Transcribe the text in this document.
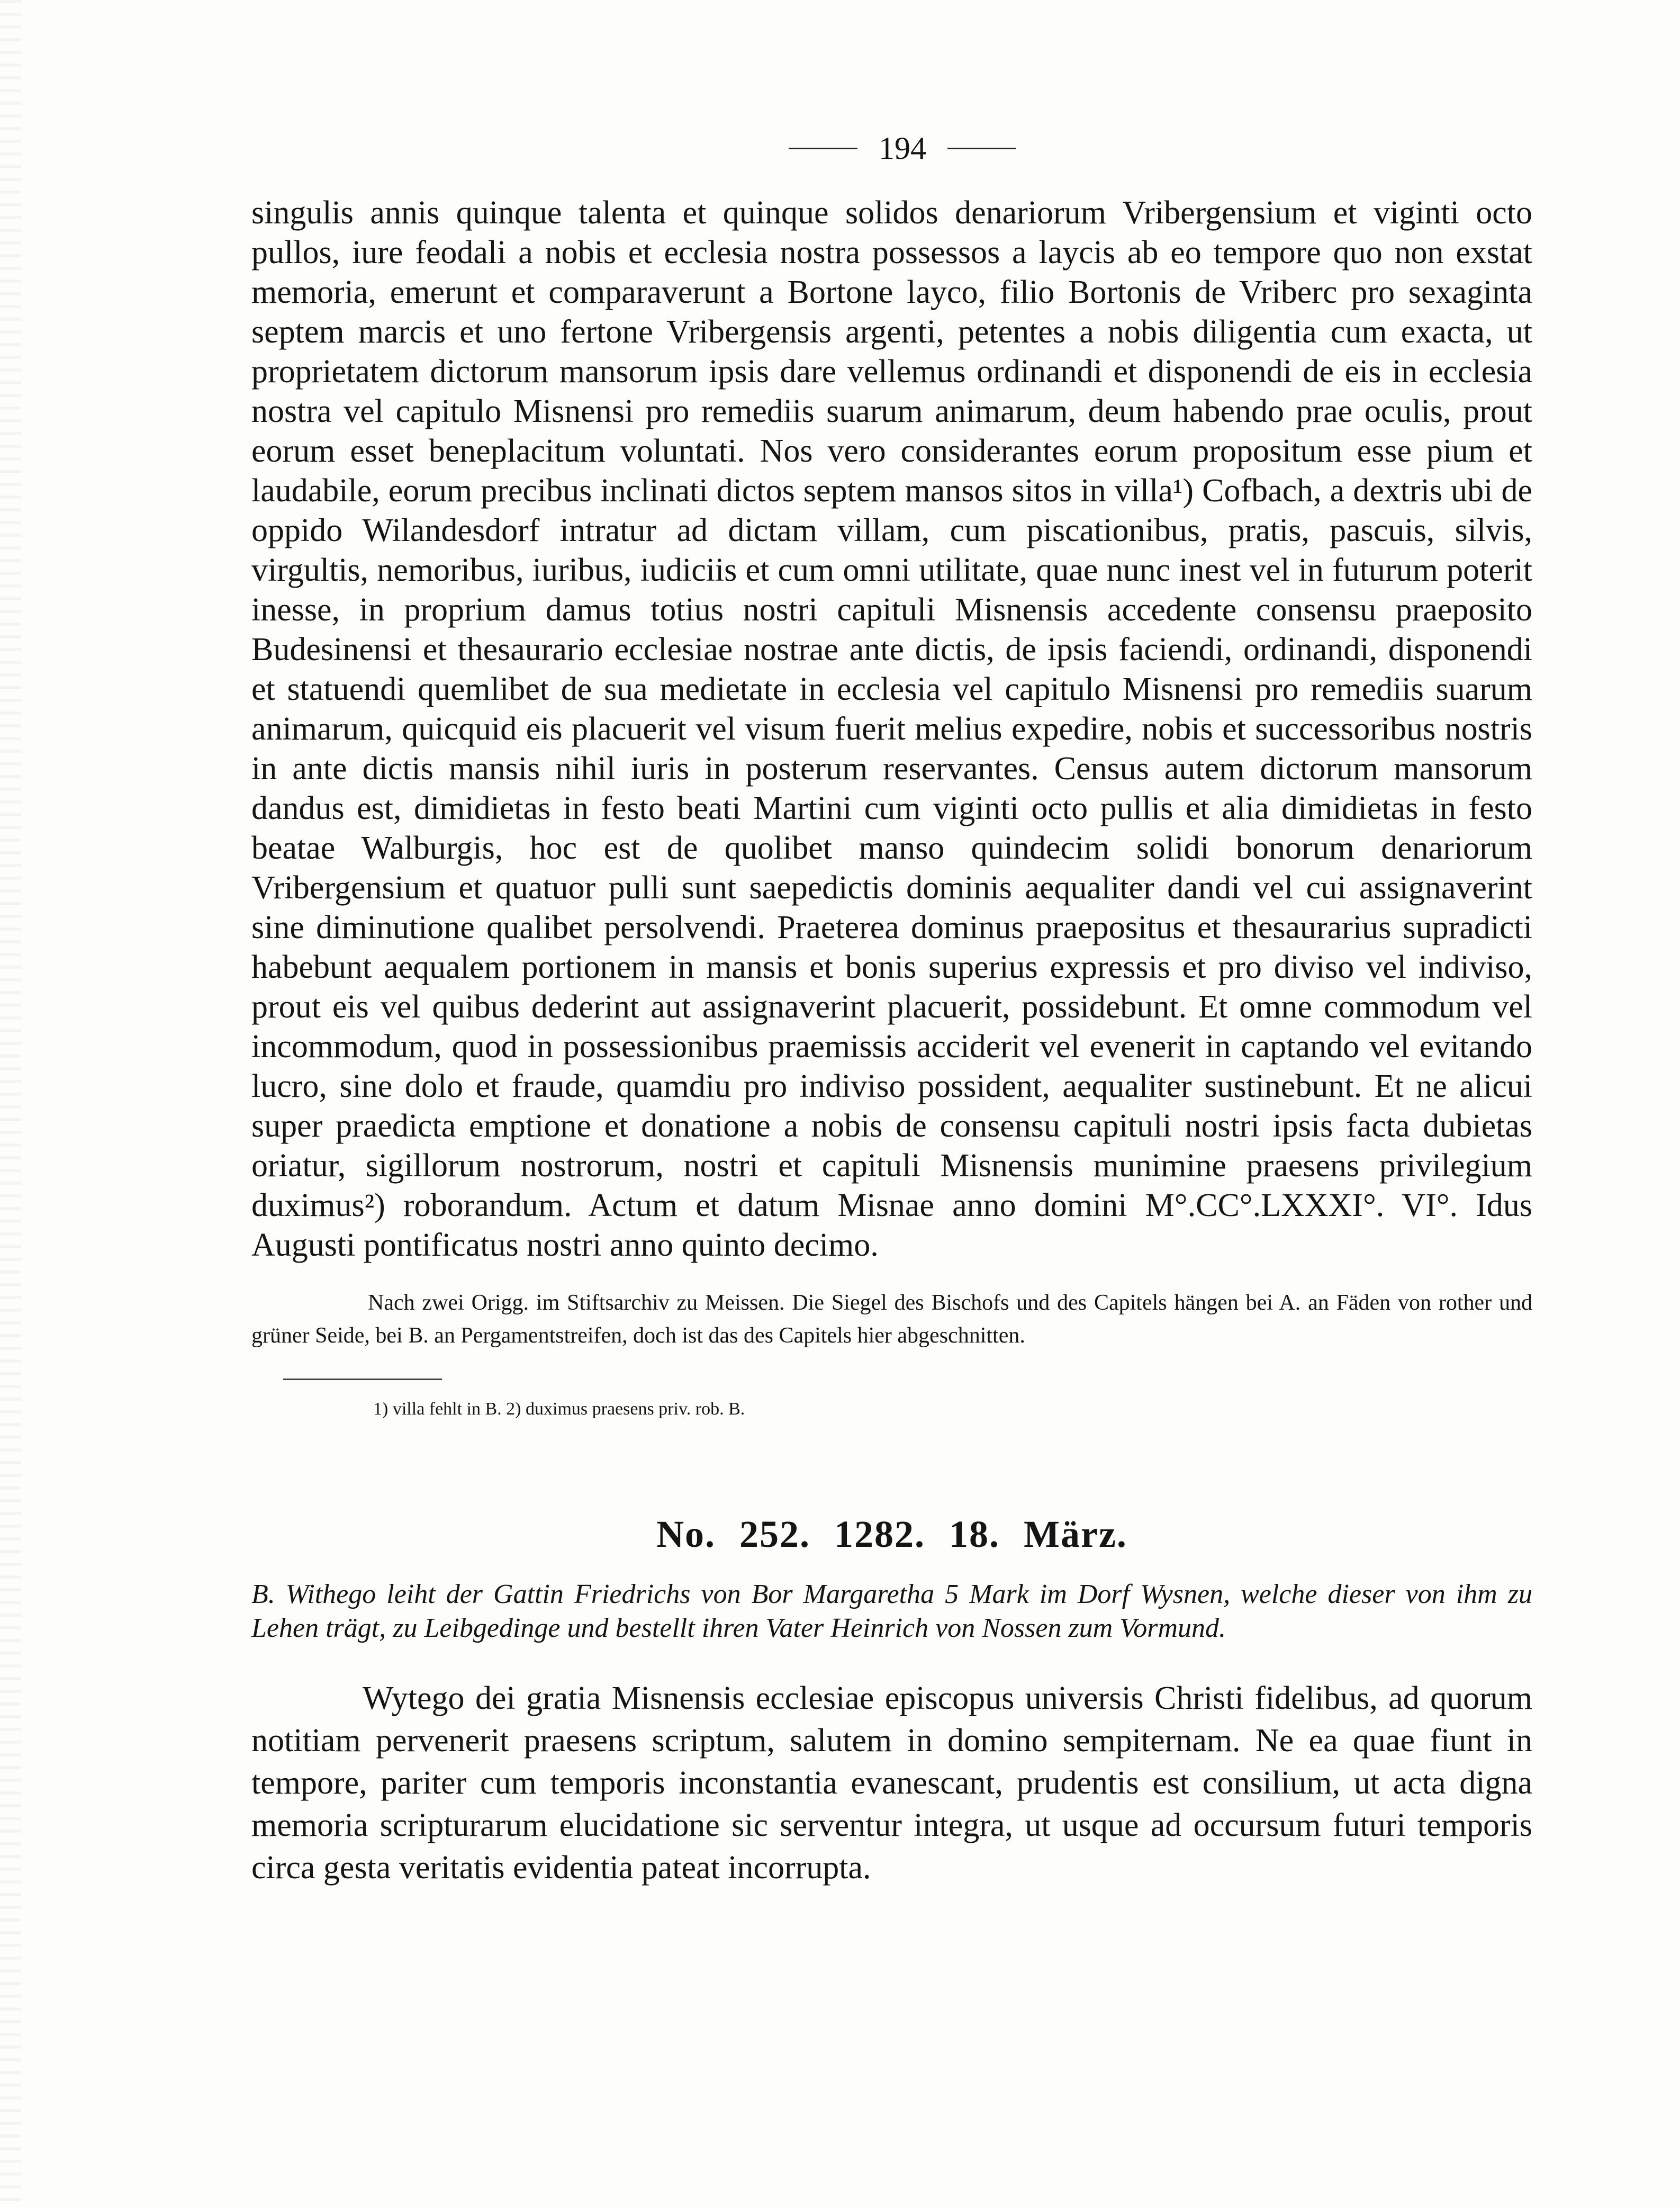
194

singulis annis quinque talenta et quinque solidos denariorum Vribergensium et viginti octo pullos, iure feodali a nobis et ecclesia nostra possessos a laycis ab eo tempore quo non exstat memoria, emerunt et comparaverunt a Bortone layco, filio Bortonis de Vriberc pro sexaginta septem marcis et uno fertone Vribergensis argenti, petentes a nobis diligentia cum exacta, ut proprietatem dictorum mansorum ipsis dare vellemus ordinandi et disponendi de eis in ecclesia nostra vel capitulo Misnensi pro remediis suarum animarum, deum habendo prae oculis, prout eorum esset beneplacitum voluntati. Nos vero considerantes eorum propositum esse pium et laudabile, eorum precibus inclinati dictos septem mansos sitos in villa¹) Cofbach, a dextris ubi de oppido Wilandesdorf intratur ad dictam villam, cum piscationibus, pratis, pascuis, silvis, virgultis, nemoribus, iuribus, iudiciis et cum omni utilitate, quae nunc inest vel in futurum poterit inesse, in proprium damus totius nostri capituli Misnensis accedente consensu praeposito Budesinensi et thesaurario ecclesiae nostrae ante dictis, de ipsis faciendi, ordinandi, disponendi et statuendi quemlibet de sua medietate in ecclesia vel capitulo Misnensi pro remediis suarum animarum, quicquid eis placuerit vel visum fuerit melius expedire, nobis et successoribus nostris in ante dictis mansis nihil iuris in posterum reservantes. Census autem dictorum mansorum dandus est, dimidietas in festo beati Martini cum viginti octo pullis et alia dimidietas in festo beatae Walburgis, hoc est de quolibet manso quindecim solidi bonorum denariorum Vribergensium et quatuor pulli sunt saepedictis dominis aequaliter dandi vel cui assignaverint sine diminutione qualibet persolvendi. Praeterea dominus praepositus et thesaurarius supradicti habebunt aequalem portionem in mansis et bonis superius expressis et pro diviso vel indiviso, prout eis vel quibus dederint aut assignaverint placuerit, possidebunt. Et omne commodum vel incommodum, quod in possessionibus praemissis acciderit vel evenerit in captando vel evitando lucro, sine dolo et fraude, quamdiu pro indiviso possident, aequaliter sustinebunt. Et ne alicui super praedicta emptione et donatione a nobis de consensu capituli nostri ipsis facta dubietas oriatur, sigillorum nostrorum, nostri et capituli Misnensis munimine praesens privilegium duximus²) roborandum. Actum et datum Misnae anno domini M°.CC°.LXXXI°. VI°. Idus Augusti pontificatus nostri anno quinto decimo.

Nach zwei Origg. im Stiftsarchiv zu Meissen. Die Siegel des Bischofs und des Capitels hängen bei A. an Fäden von rother und grüner Seide, bei B. an Pergamentstreifen, doch ist das des Capitels hier abgeschnitten.

1) villa fehlt in B. 2) duximus praesens priv. rob. B.

No. 252. 1282. 18. März.

B. Withego leiht der Gattin Friedrichs von Bor Margaretha 5 Mark im Dorf Wysnen, welche dieser von ihm zu Lehen trägt, zu Leibgedinge und bestellt ihren Vater Heinrich von Nossen zum Vormund.

Wytego dei gratia Misnensis ecclesiae episcopus universis Christi fidelibus, ad quorum notitiam pervenerit praesens scriptum, salutem in domino sempiternam. Ne ea quae fiunt in tempore, pariter cum temporis inconstantia evanescant, prudentis est consilium, ut acta digna memoria scripturarum elucidatione sic serventur integra, ut usque ad occursum futuri temporis circa gesta veritatis evidentia pateat incorrupta.
